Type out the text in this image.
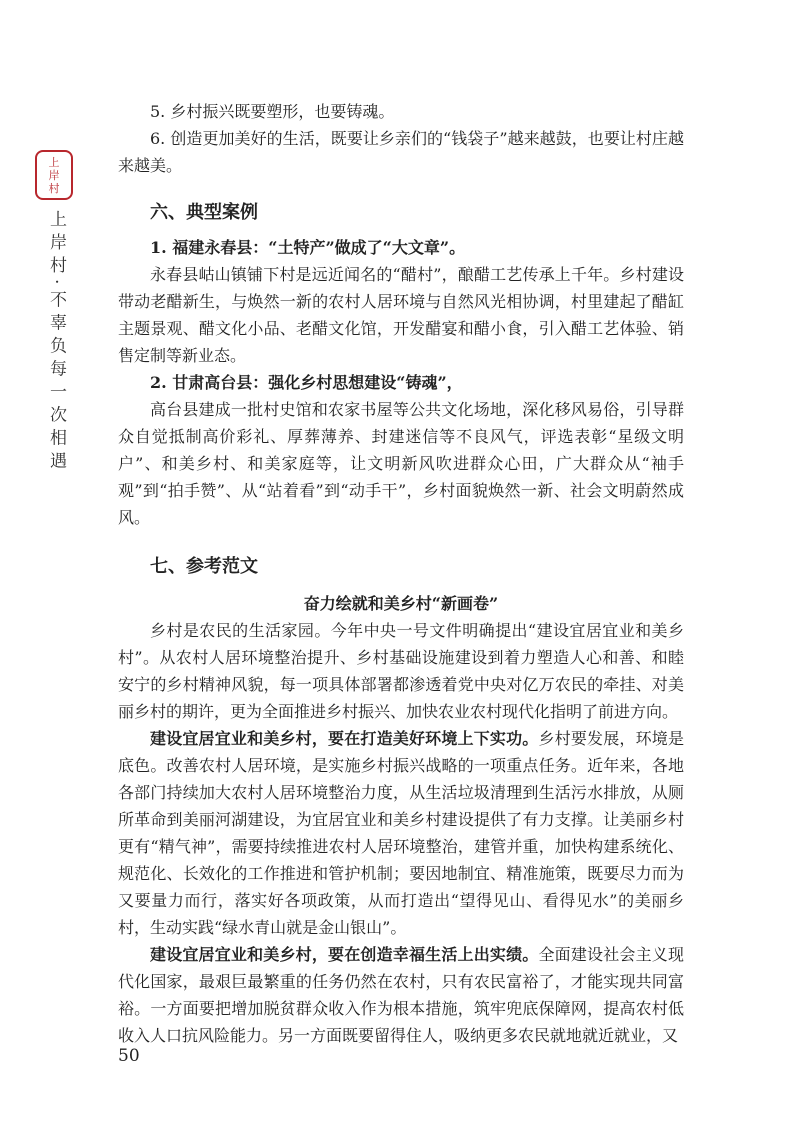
上
岸
村
上岸村·不辜负每一次相遇

5. 乡村振兴既要塑形，也要铸魂。

6. 创造更加美好的生活，既要让乡亲们的“钱袋子”越来越鼓，也要让村庄越来越美。

六、典型案例

1. 福建永春县：“土特产”做成了“大文章”。

永春县岵山镇铺下村是远近闻名的“醋村”，酿醋工艺传承上千年。乡村建设带动老醋新生，与焕然一新的农村人居环境与自然风光相协调，村里建起了醋缸主题景观、醋文化小品、老醋文化馆，开发醋宴和醋小食，引入醋工艺体验、销售定制等新业态。

2. 甘肃高台县：强化乡村思想建设“铸魂”，

高台县建成一批村史馆和农家书屋等公共文化场地，深化移风易俗，引导群众自觉抵制高价彩礼、厚葬薄养、封建迷信等不良风气，评选表彰“星级文明户”、和美乡村、和美家庭等，让文明新风吹进群众心田，广大群众从“袖手观”到“拍手赞”、从“站着看”到“动手干”，乡村面貌焕然一新、社会文明蔚然成风。

七、参考范文

奋力绘就和美乡村“新画卷”

乡村是农民的生活家园。今年中央一号文件明确提出“建设宜居宜业和美乡村”。从农村人居环境整治提升、乡村基础设施建设到着力塑造人心和善、和睦安宁的乡村精神风貌，每一项具体部署都渗透着党中央对亿万农民的牵挂、对美丽乡村的期许，更为全面推进乡村振兴、加快农业农村现代化指明了前进方向。

建设宜居宜业和美乡村，要在打造美好环境上下实功。乡村要发展，环境是底色。改善农村人居环境，是实施乡村振兴战略的一项重点任务。近年来，各地各部门持续加大农村人居环境整治力度，从生活垃圾清理到生活污水排放，从厕所革命到美丽河湖建设，为宜居宜业和美乡村建设提供了有力支撑。让美丽乡村更有“精气神”，需要持续推进农村人居环境整治，建管并重，加快构建系统化、规范化、长效化的工作推进和管护机制；要因地制宜、精准施策，既要尽力而为又要量力而行，落实好各项政策，从而打造出“望得见山、看得见水”的美丽乡村，生动实践“绿水青山就是金山银山”。

建设宜居宜业和美乡村，要在创造幸福生活上出实绩。全面建设社会主义现代化国家，最艰巨最繁重的任务仍然在农村，只有农民富裕了，才能实现共同富裕。一方面要把增加脱贫群众收入作为根本措施，筑牢兜底保障网，提高农村低收入人口抗风险能力。另一方面既要留得住人，吸纳更多农民就地就近就业，又

50
